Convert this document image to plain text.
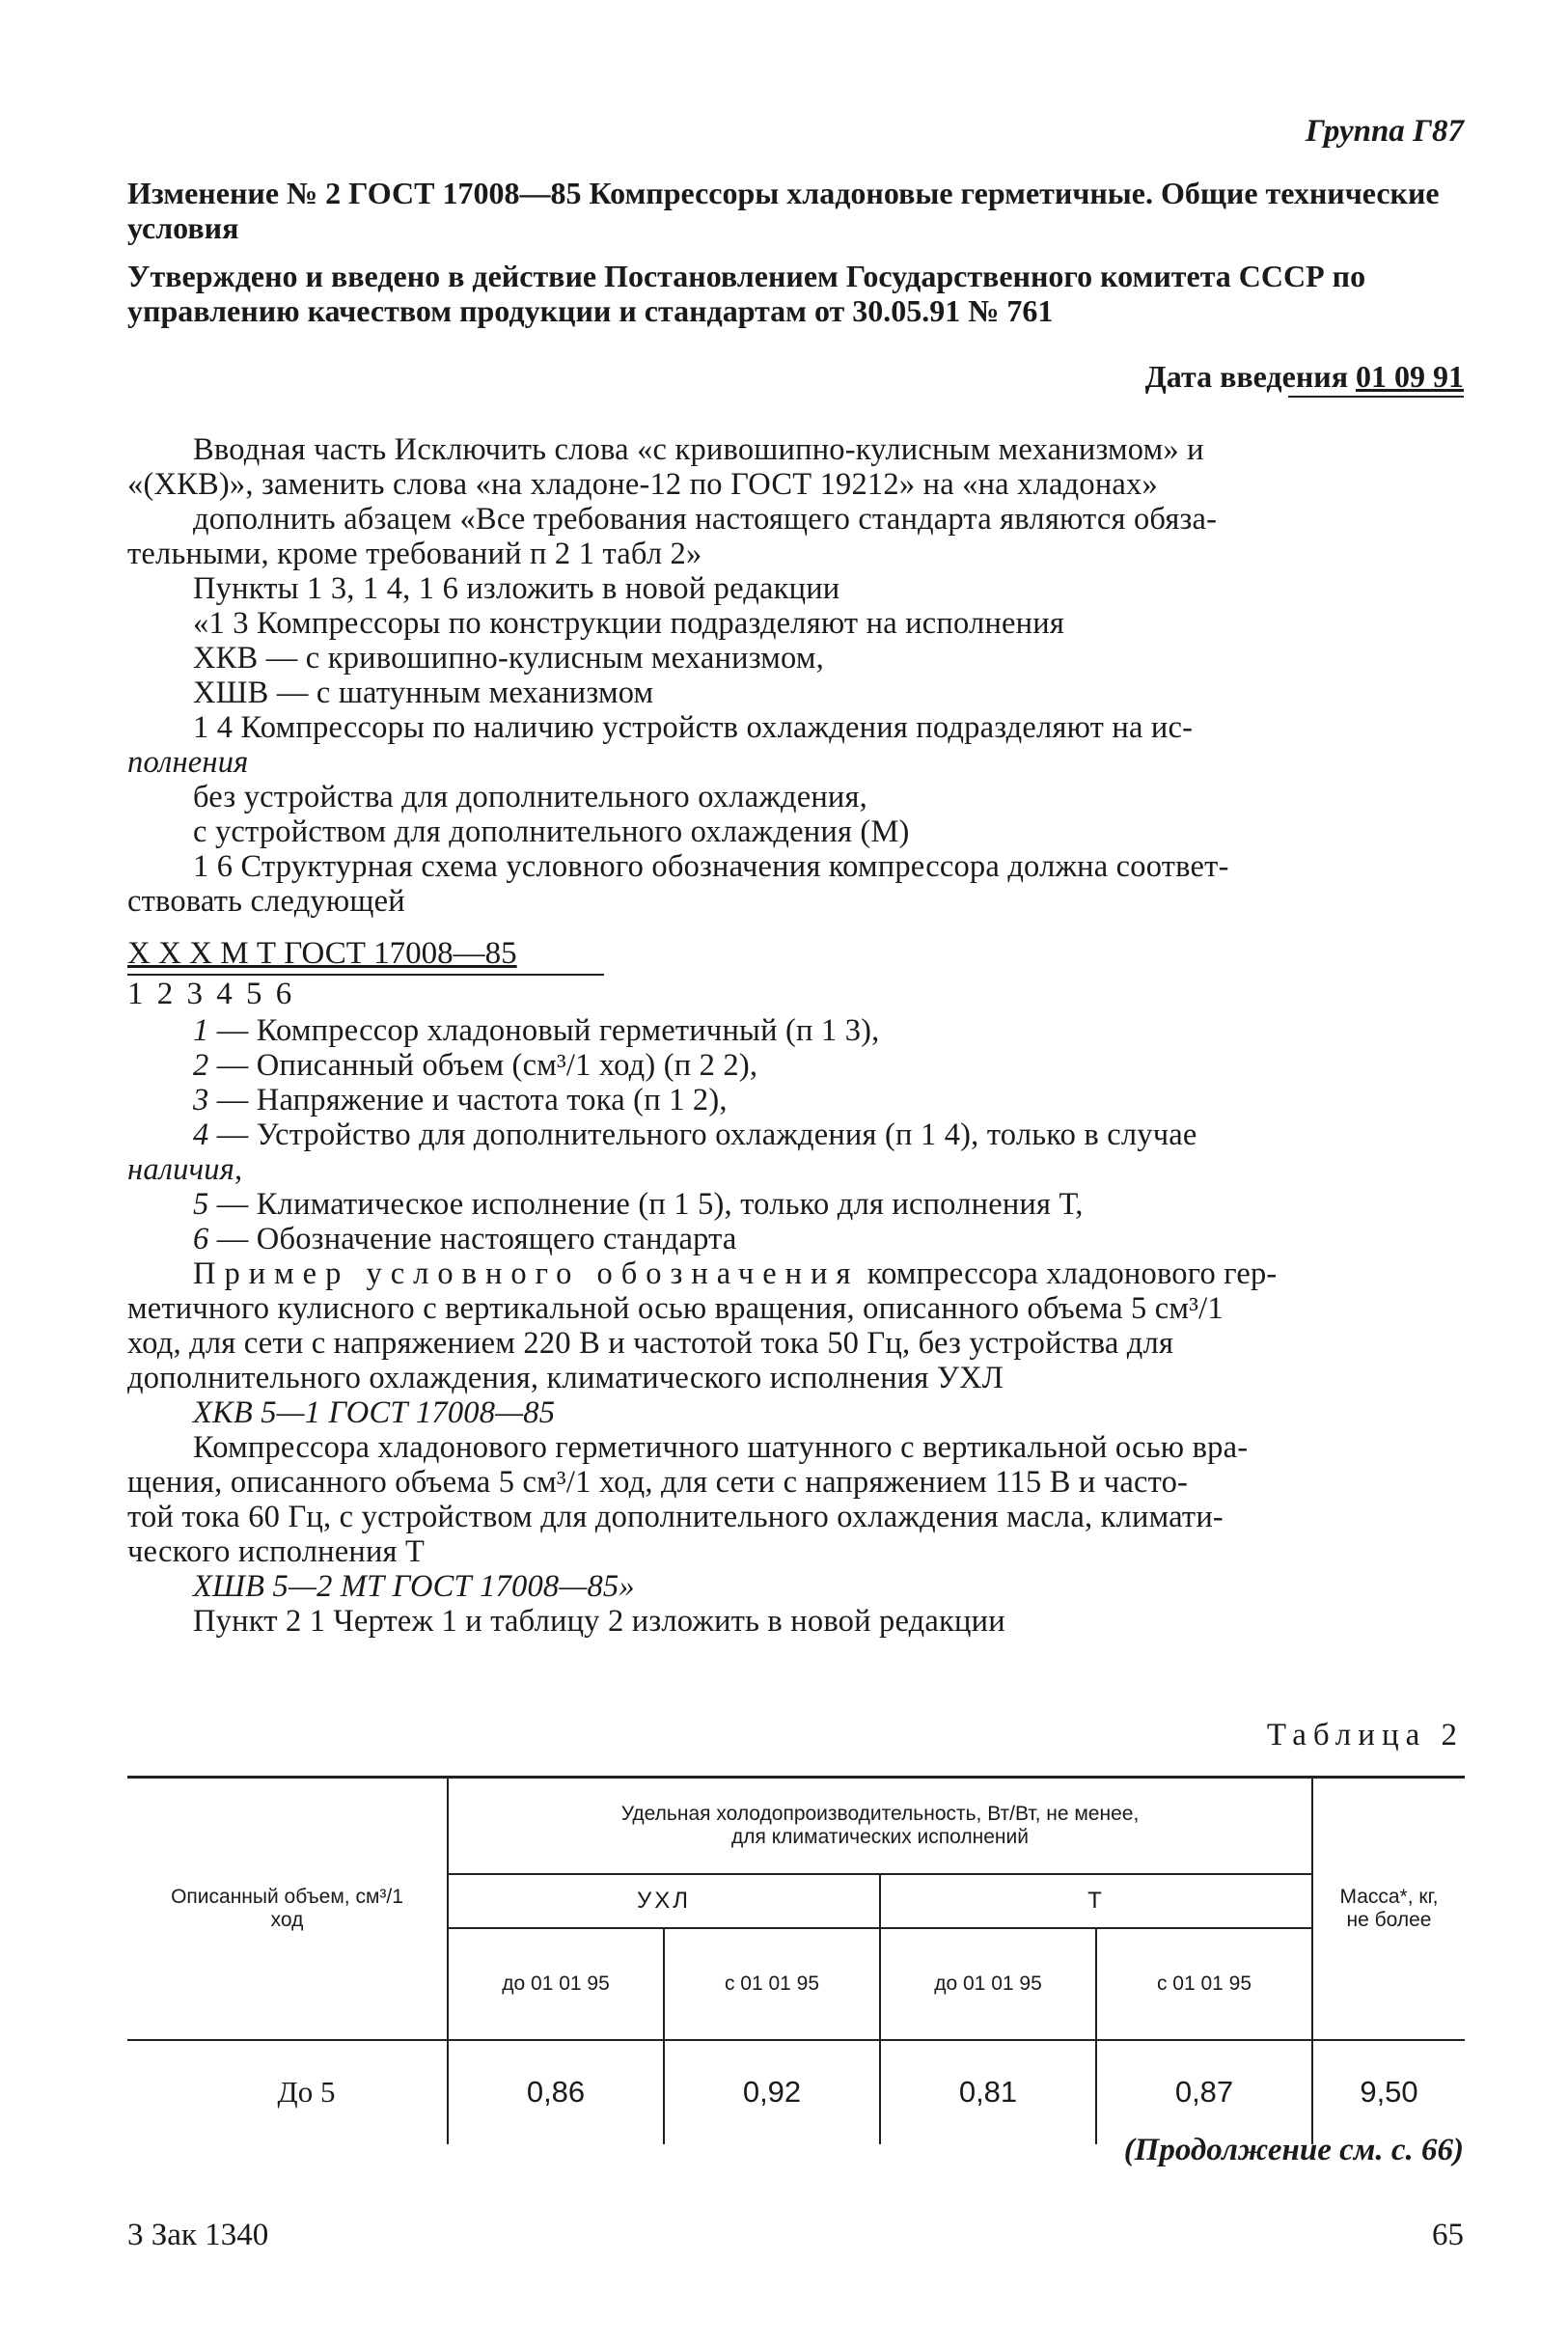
Группа Г87
Изменение № 2 ГОСТ 17008—85 Компрессоры хладоновые герметичные. Общие технические условия
Утверждено и введено в действие Постановлением Государственного комитета СССР по управлению качеством продукции и стандартам от 30.05.91 № 761
Дата введения 01 09 91
Вводная часть Исключить слова «с кривошипно-кулисным механизмом» и
«(ХКВ)», заменить слова «на хладоне-12 по ГОСТ 19212» на «на хладонах»
дополнить абзацем «Все требования настоящего стандарта являются обяза-
тельными, кроме требований п 2 1 табл 2»
Пункты 1 3, 1 4, 1 6 изложить в новой редакции
«1 3 Компрессоры по конструкции подразделяют на исполнения
ХКВ — с кривошипно-кулисным механизмом,
ХШВ — с шатунным механизмом
1 4 Компрессоры по наличию устройств охлаждения подразделяют на ис-
полнения
без устройства для дополнительного охлаждения,
с устройством для дополнительного охлаждения (М)
1 6 Структурная схема условного обозначения компрессора должна соответ-
ствовать следующей
Х Х Х М Т ГОСТ 17008—85
1 2 3 4 5 6
1 — Компрессор хладоновый герметичный (п 1 3),
2 — Описанный объем (см³/1 ход) (п 2 2),
3 — Напряжение и частота тока (п 1 2),
4 — Устройство для дополнительного охлаждения (п 1 4), только в случае
наличия,
5 — Климатическое исполнение (п 1 5), только для исполнения Т,
6 — Обозначение настоящего стандарта
Пример условного обозначения компрессора хладонового гер-
метичного кулисного с вертикальной осью вращения, описанного объема 5 см³/1
ход, для сети с напряжением 220 В и частотой тока 50 Гц, без устройства для
дополнительного охлаждения, климатического исполнения УХЛ
ХКВ 5—1 ГОСТ 17008—85
Компрессора хладонового герметичного шатунного с вертикальной осью вра-
щения, описанного объема 5 см³/1 ход, для сети с напряжением 115 В и часто-
той тока 60 Гц, с устройством для дополнительного охлаждения масла, климати-
ческого исполнения Т
ХШВ 5—2 МТ ГОСТ 17008—85»
Пункт 2 1 Чертеж 1 и таблицу 2 изложить в новой редакции
Таблица 2
Описанный объем, см³/1 ход	Удельная холодопроизводительность, Вт/Вт, не менее,
для климатических исполнений				Масса*, кг, не более
	УХЛ		Т		
	до 01 01 95	с 01 01 95	до 01 01 95	с 01 01 95	
До 5	0,86	0,92	0,81	0,87	9,50
(Продолжение см. с. 66)
3 Зак 1340	65
